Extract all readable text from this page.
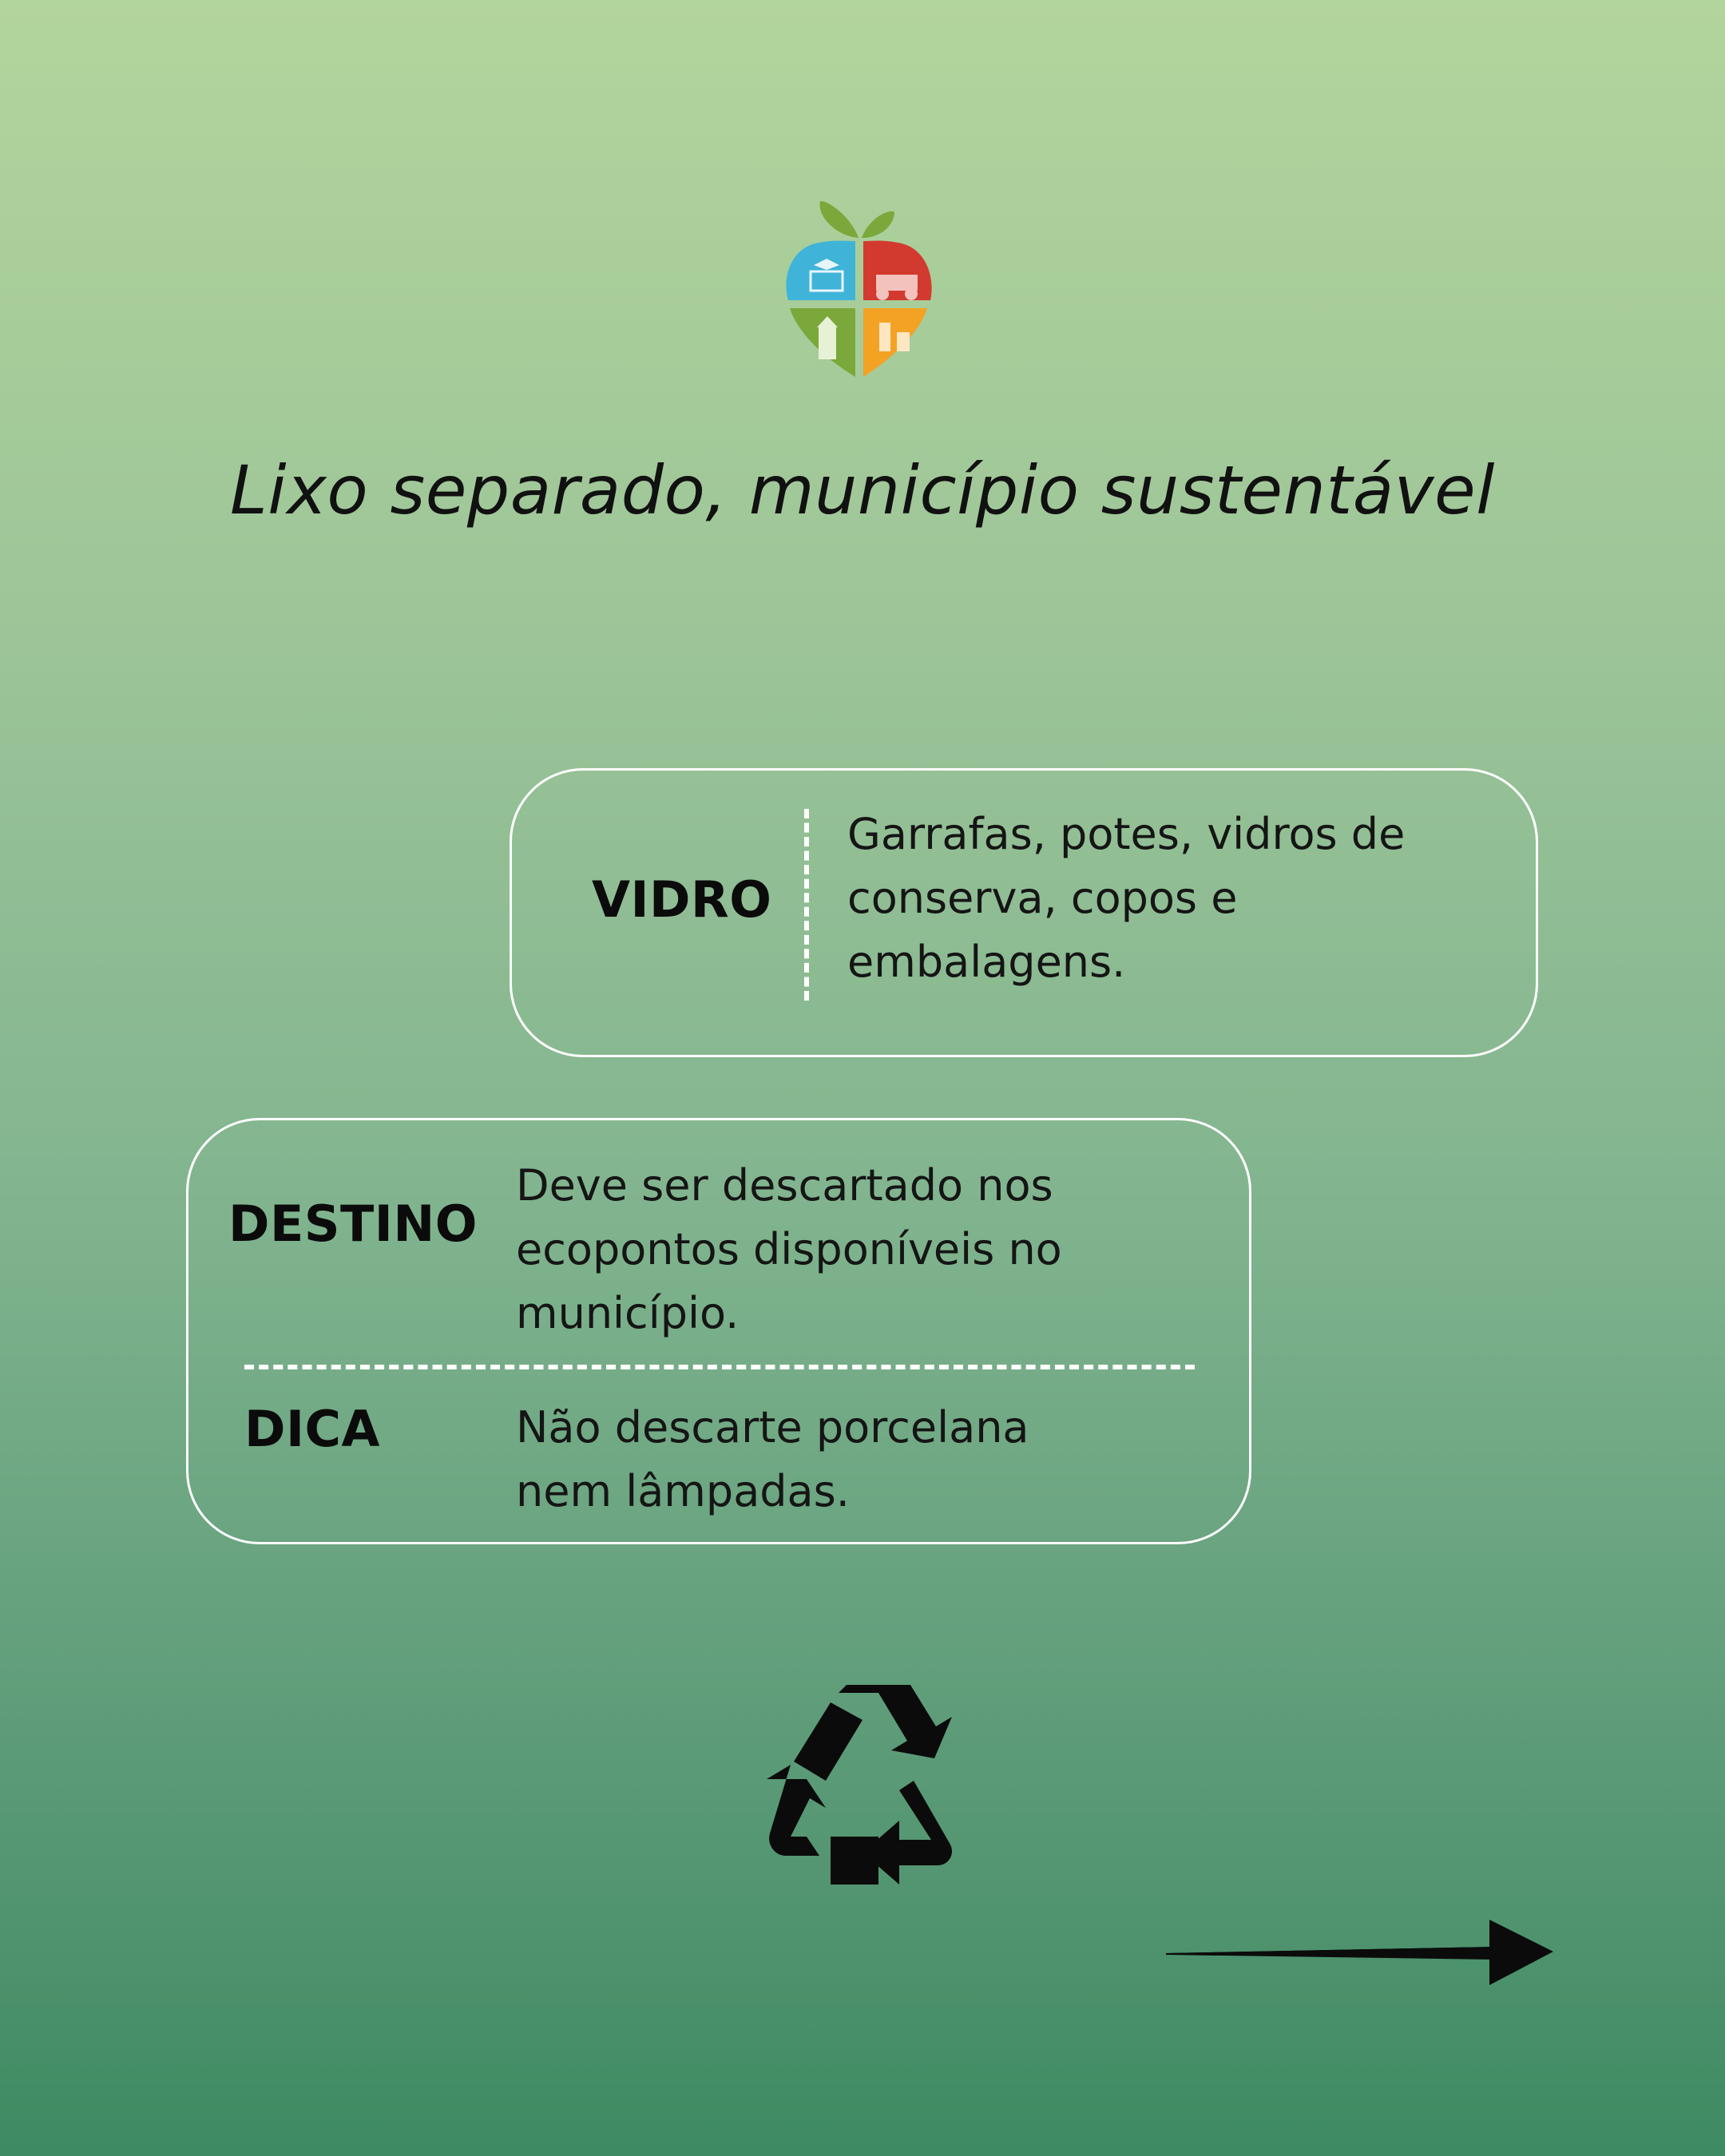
Lixo separado, município sustentável
VIDRO
Garrafas, potes, vidros de
conserva, copos e
embalagens.
DESTINO
Deve ser descartado nos
ecopontos disponíveis no
município.
DICA	Não descarte porcelana
nem lâmpadas.
